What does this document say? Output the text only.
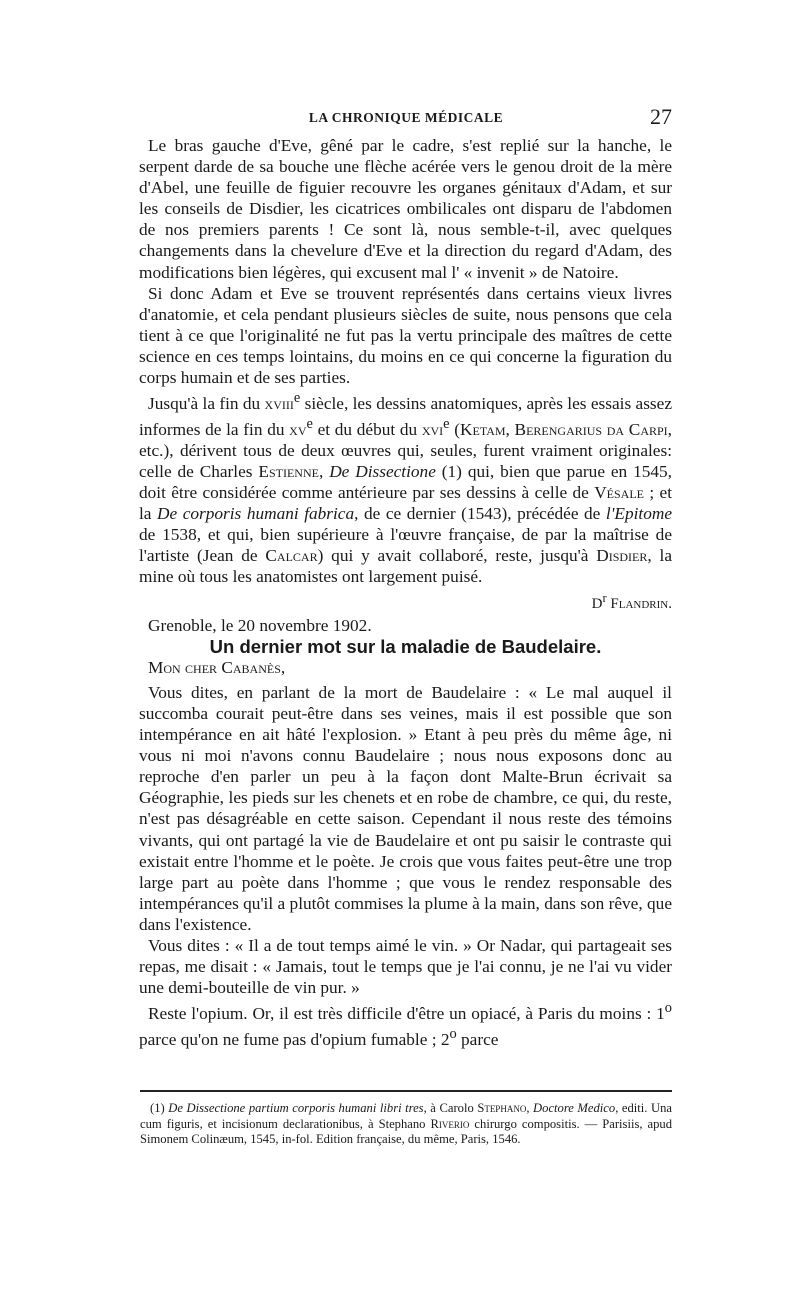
LA CHRONIQUE MÉDICALE	27

Le bras gauche d'Eve, gêné par le cadre, s'est replié sur la hanche, le serpent darde de sa bouche une flèche acérée vers le genou droit de la mère d'Abel, une feuille de figuier recouvre les organes génitaux d'Adam, et sur les conseils de Disdier, les cicatrices ombilicales ont disparu de l'abdomen de nos premiers parents ! Ce sont là, nous semble-t-il, avec quelques changements dans la chevelure d'Eve et la direction du regard d'Adam, des modifications bien légères, qui excusent mal l' « invenit » de Natoire.

Si donc Adam et Eve se trouvent représentés dans certains vieux livres d'anatomie, et cela pendant plusieurs siècles de suite, nous pensons que cela tient à ce que l'originalité ne fut pas la vertu principale des maîtres de cette science en ces temps lointains, du moins en ce qui concerne la figuration du corps humain et de ses parties.

Jusqu'à la fin du xviii$^e$ siècle, les dessins anatomiques, après les essais assez informes de la fin du $xv^e$ et du début du xvi$^e$ (Ketam, Berengarius da Carpi, etc.), dérivent tous de deux œuvres qui, seules, furent vraiment originales: celle de Charles Estienne, De Dissectione (1) qui, bien que parue en 1545, doit être considérée comme antérieure par ses dessins à celle de Vésale ; et la De corporis humani fabrica, de ce dernier (1543), précédée de l'Epitome de 1538, et qui, bien supérieure à l'œuvre française, de par la maîtrise de l'artiste (Jean de Calcar) qui y avait collaboré, reste, jusqu'à Disdier, la mine où tous les anatomistes ont largement puisé.

$D^r$ Flandrin.

Grenoble, le 20 novembre 1902.

Un dernier mot sur la maladie de Baudelaire.

Mon cher Cabanès,

Vous dites, en parlant de la mort de Baudelaire : « Le mal auquel il succomba courait peut-être dans ses veines, mais il est possible que son intempérance en ait hâté l'explosion. » Etant à peu près du même âge, ni vous ni moi n'avons connu Baudelaire ; nous nous exposons donc au reproche d'en parler un peu à la façon dont Malte-Brun écrivait sa Géographie, les pieds sur les chenets et en robe de chambre, ce qui, du reste, n'est pas désagréable en cette saison. Cependant il nous reste des témoins vivants, qui ont partagé la vie de Baudelaire et ont pu saisir le contraste qui existait entre l'homme et le poète. Je crois que vous faites peut-être une trop large part au poète dans l'homme ; que vous le rendez responsable des intempérances qu'il a plutôt commises la plume à la main, dans son rêve, que dans l'existence.

Vous dites : « Il a de tout temps aimé le vin. » Or Nadar, qui partageait ses repas, me disait : « Jamais, tout le temps que je l'ai connu, je ne l'ai vu vider une demi-bouteille de vin pur. »

Reste l'opium. Or, il est très difficile d'être un opiacé, à Paris du moins : 1$^o$ parce qu'on ne fume pas d'opium fumable ; 2$^o$ parce

(1) De Dissectione partium corporis humani libri tres, à Carolo Stephano, Doctore Medico, editi. Una cum figuris, et incisionum declarationibus, à Stephano Riverio chirurgo compositis. — Parisiis, apud Simonem Colinæum, 1545, in-fol. Edition française, du même, Paris, 1546.
